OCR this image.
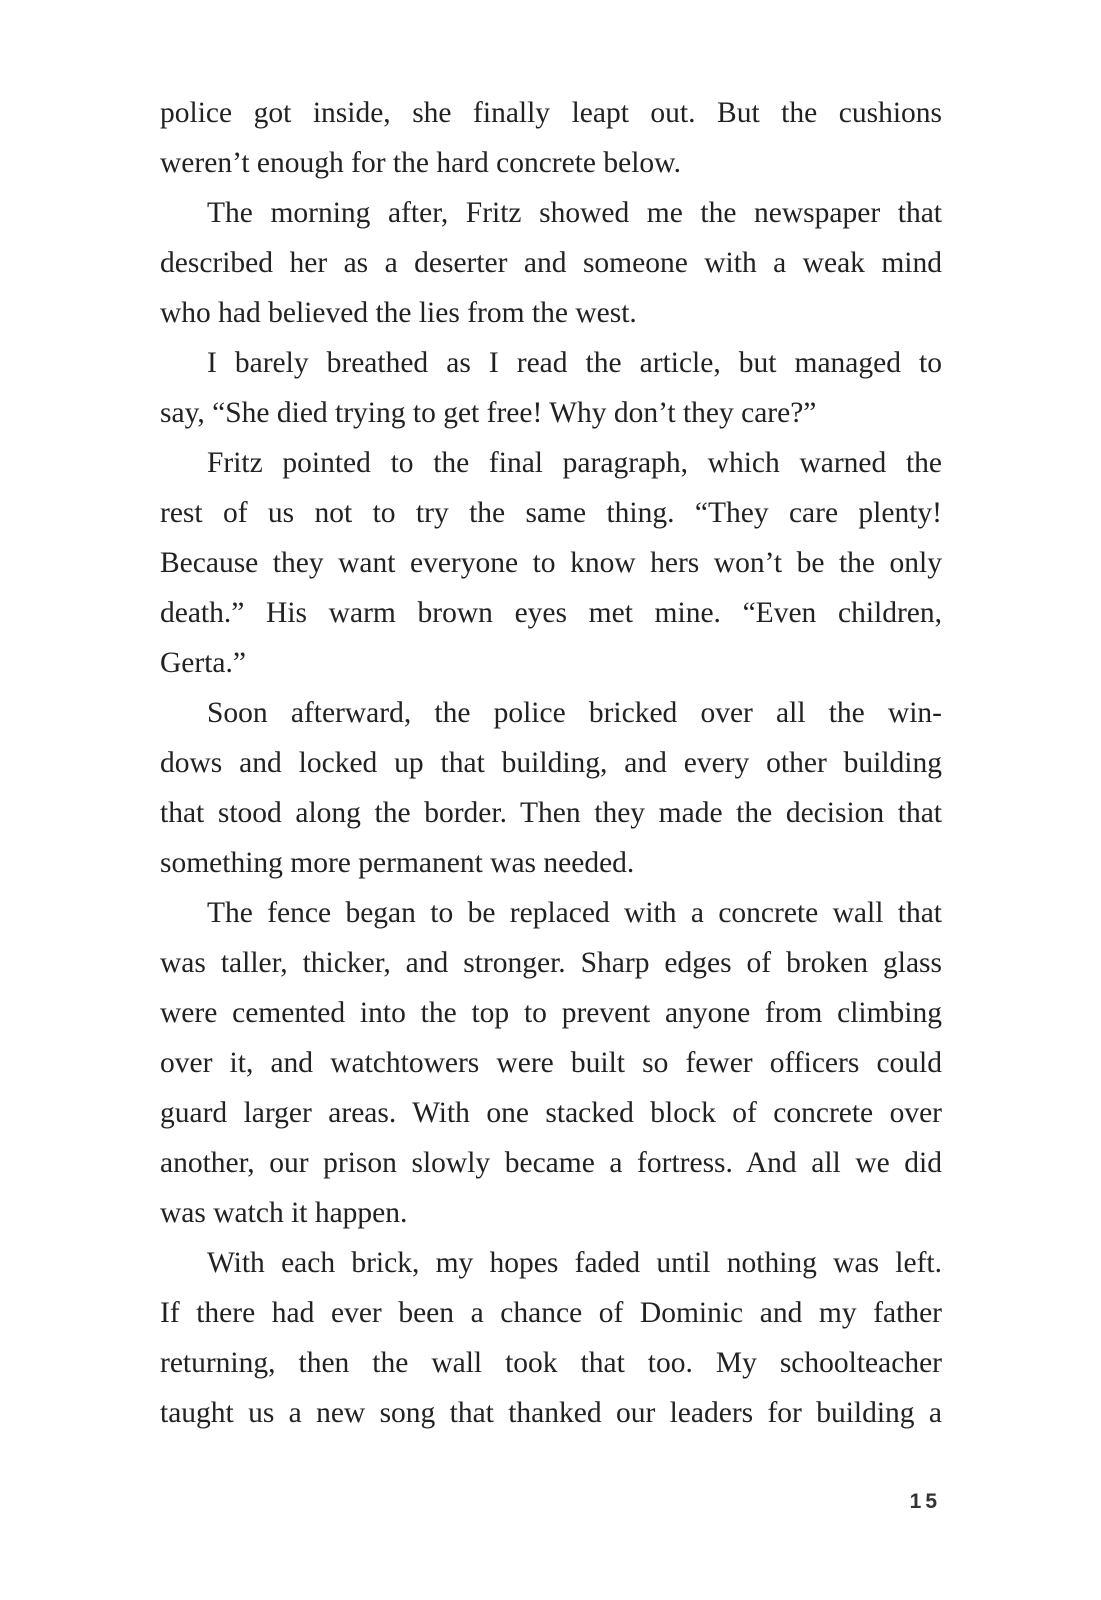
police got inside, she finally leapt out. But the cushions
weren’t enough for the hard concrete below.
The morning after, Fritz showed me the newspaper that
described her as a deserter and someone with a weak mind
who had believed the lies from the west.
I barely breathed as I read the article, but managed to
say, “She died trying to get free! Why don’t they care?”
Fritz pointed to the final paragraph, which warned the
rest of us not to try the same thing. “They care plenty!
Because they want everyone to know hers won’t be the only
death.” His warm brown eyes met mine. “Even children,
Gerta.”
Soon afterward, the police bricked over all the win-
dows and locked up that building, and every other building
that stood along the border. Then they made the decision that
something more permanent was needed.
The fence began to be replaced with a concrete wall that
was taller, thicker, and stronger. Sharp edges of broken glass
were cemented into the top to prevent anyone from climbing
over it, and watchtowers were built so fewer officers could
guard larger areas. With one stacked block of concrete over
another, our prison slowly became a fortress. And all we did
was watch it happen.
With each brick, my hopes faded until nothing was left.
If there had ever been a chance of Dominic and my father
returning, then the wall took that too. My schoolteacher
taught us a new song that thanked our leaders for building a
15
